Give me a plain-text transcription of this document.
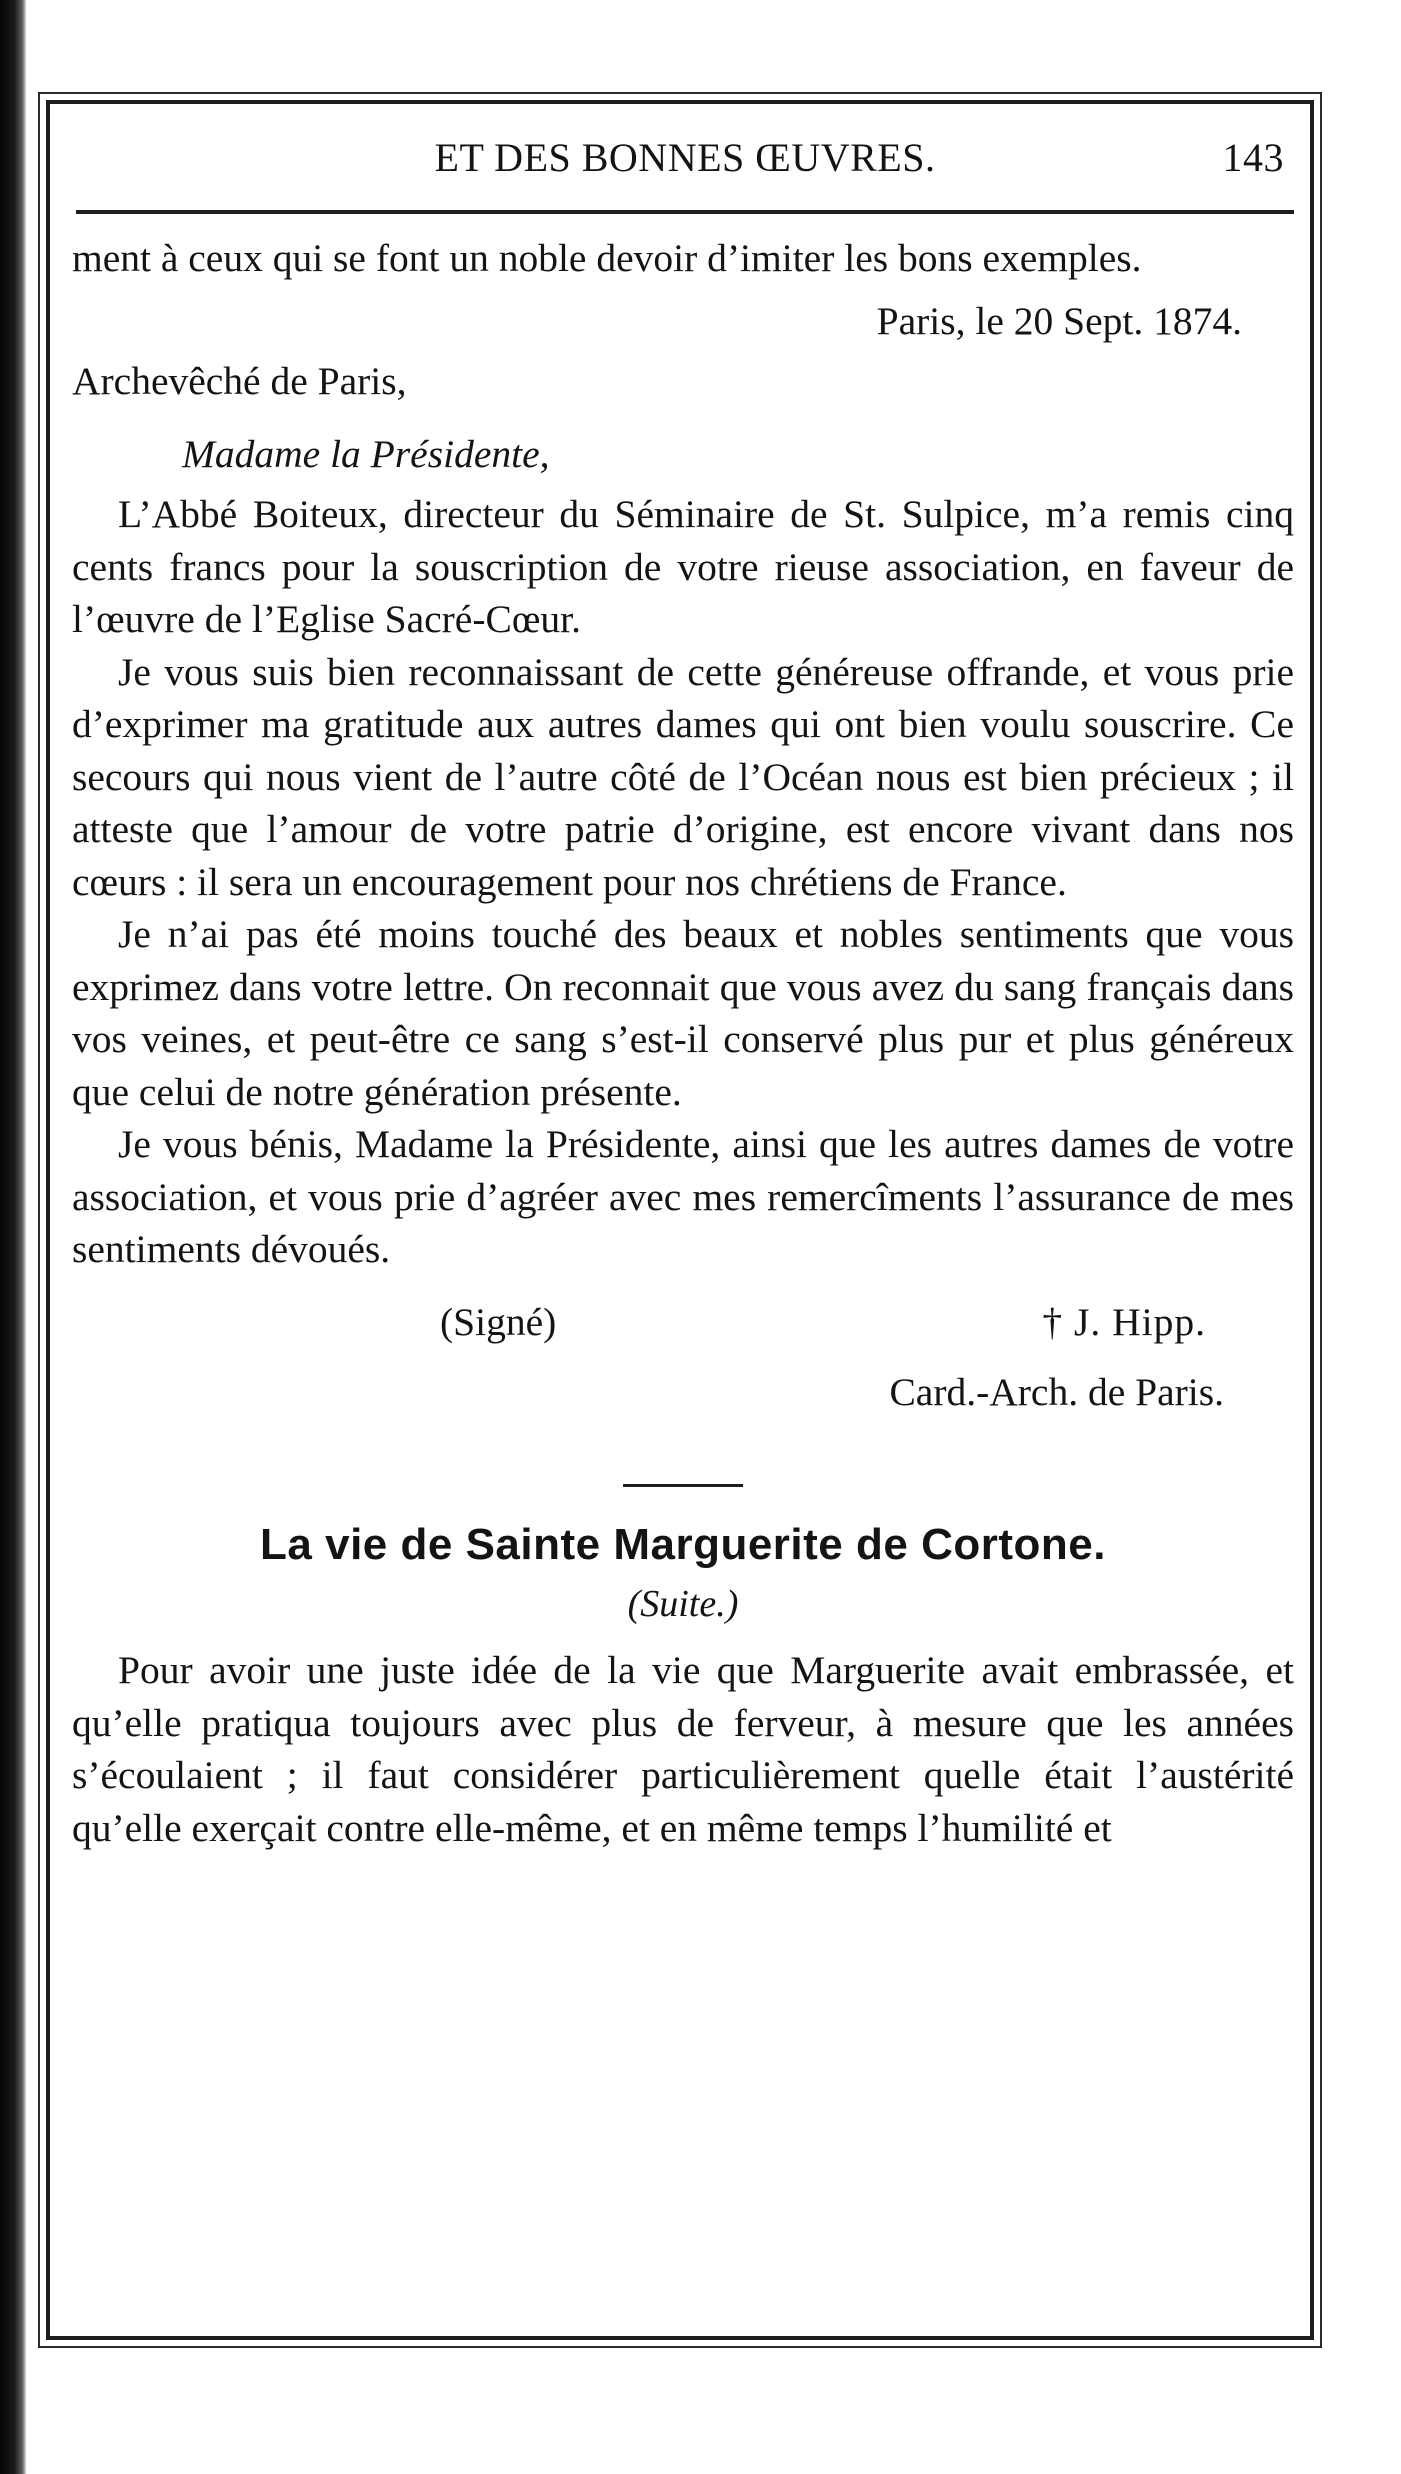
ET DES BONNES ŒUVRES.	143

ment à ceux qui se font un noble devoir d’imiter les bons exemples.

Paris, le 20 Sept. 1874.

Archevêché de Paris,

Madame la Présidente,

L’Abbé Boiteux, directeur du Séminaire de St. Sulpice, m’a remis cinq cents francs pour la souscription de votre rieuse association, en faveur de l’œuvre de l’Eglise Sacré-Cœur.

Je vous suis bien reconnaissant de cette généreuse offrande, et vous prie d’exprimer ma gratitude aux autres dames qui ont bien voulu souscrire. Ce secours qui nous vient de l’autre côté de l’Océan nous est bien précieux ; il atteste que l’amour de votre patrie d’origine, est encore vivant dans nos cœurs : il sera un encouragement pour nos chrétiens de France.

Je n’ai pas été moins touché des beaux et nobles sentiments que vous exprimez dans votre lettre. On reconnait que vous avez du sang français dans vos veines, et peut-être ce sang s’est-il conservé plus pur et plus généreux que celui de notre génération présente.

Je vous bénis, Madame la Présidente, ainsi que les autres dames de votre association, et vous prie d’agréer avec mes remercîments l’assurance de mes sentiments dévoués.

(Signé)	† J. Hipp.

Card.-Arch. de Paris.

La vie de Sainte Marguerite de Cortone.

(Suite.)

Pour avoir une juste idée de la vie que Marguerite avait embrassée, et qu’elle pratiqua toujours avec plus de ferveur, à mesure que les années s’écoulaient ; il faut considérer particulièrement quelle était l’austérité qu’elle exerçait contre elle-même, et en même temps l’humilité et
